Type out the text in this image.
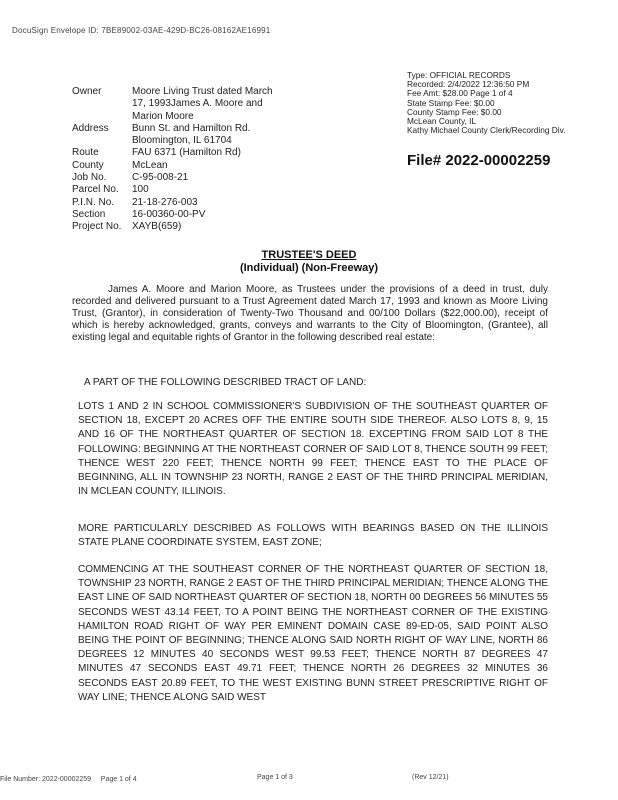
DocuSign Envelope ID: 7BE89002-03AE-429D-BC26-08162AE16991
Owner	Moore Living Trust dated March 17, 1993James A. Moore and Marion Moore
Address	Bunn St. and Hamilton Rd. Bloomington, IL 61704
Route	FAU 6371 (Hamilton Rd)
County	McLean
Job No.	C-95-008-21
Parcel No.	100
P.I.N. No.	21-18-276-003
Section	16-00360-00-PV
Project No.	XAYB(659)
Type: OFFICIAL RECORDS
Recorded: 2/4/2022 12:36:50 PM
Fee Amt: $28.00 Page 1 of 4
State Stamp Fee: $0.00
County Stamp Fee: $0.00
McLean County, IL
Kathy Michael County Clerk/Recording Div.
File# 2022-00002259
TRUSTEE'S DEED
(Individual) (Non-Freeway)
James A. Moore and Marion Moore, as Trustees under the provisions of a deed in trust, duly recorded and delivered pursuant to a Trust Agreement dated March 17, 1993 and known as Moore Living Trust, (Grantor), in consideration of Twenty-Two Thousand and 00/100 Dollars ($22,000.00), receipt of which is hereby acknowledged, grants, conveys and warrants to the City of Bloomington, (Grantee), all existing legal and equitable rights of Grantor in the following described real estate:
A PART OF THE FOLLOWING DESCRIBED TRACT OF LAND:
LOTS 1 AND 2 IN SCHOOL COMMISSIONER'S SUBDIVISION OF THE SOUTHEAST QUARTER OF SECTION 18, EXCEPT 20 ACRES OFF THE ENTIRE SOUTH SIDE THEREOF. ALSO LOTS 8, 9, 15 AND 16 OF THE NORTHEAST QUARTER OF SECTION 18. EXCEPTING FROM SAID LOT 8 THE FOLLOWING: BEGINNING AT THE NORTHEAST CORNER OF SAID LOT 8, THENCE SOUTH 99 FEET; THENCE WEST 220 FEET; THENCE NORTH 99 FEET; THENCE EAST TO THE PLACE OF BEGINNING, ALL IN TOWNSHIP 23 NORTH, RANGE 2 EAST OF THE THIRD PRINCIPAL MERIDIAN, IN MCLEAN COUNTY, ILLINOIS.
MORE PARTICULARLY DESCRIBED AS FOLLOWS WITH BEARINGS BASED ON THE ILLINOIS STATE PLANE COORDINATE SYSTEM, EAST ZONE;
COMMENCING AT THE SOUTHEAST CORNER OF THE NORTHEAST QUARTER OF SECTION 18, TOWNSHIP 23 NORTH, RANGE 2 EAST OF THE THIRD PRINCIPAL MERIDIAN; THENCE ALONG THE EAST LINE OF SAID NORTHEAST QUARTER OF SECTION 18, NORTH 00 DEGREES 56 MINUTES 55 SECONDS WEST 43.14 FEET, TO A POINT BEING THE NORTHEAST CORNER OF THE EXISTING HAMILTON ROAD RIGHT OF WAY PER EMINENT DOMAIN CASE 89-ED-05, SAID POINT ALSO BEING THE POINT OF BEGINNING; THENCE ALONG SAID NORTH RIGHT OF WAY LINE, NORTH 86 DEGREES 12 MINUTES 40 SECONDS WEST 99.53 FEET; THENCE NORTH 87 DEGREES 47 MINUTES 47 SECONDS EAST 49.71 FEET; THENCE NORTH 26 DEGREES 32 MINUTES 36 SECONDS EAST 20.89 FEET, TO THE WEST EXISTING BUNN STREET PRESCRIPTIVE RIGHT OF WAY LINE; THENCE ALONG SAID WEST
File Number: 2022-00002259     Page 1 of 4	Page 1 of 3	(Rev 12/21)
